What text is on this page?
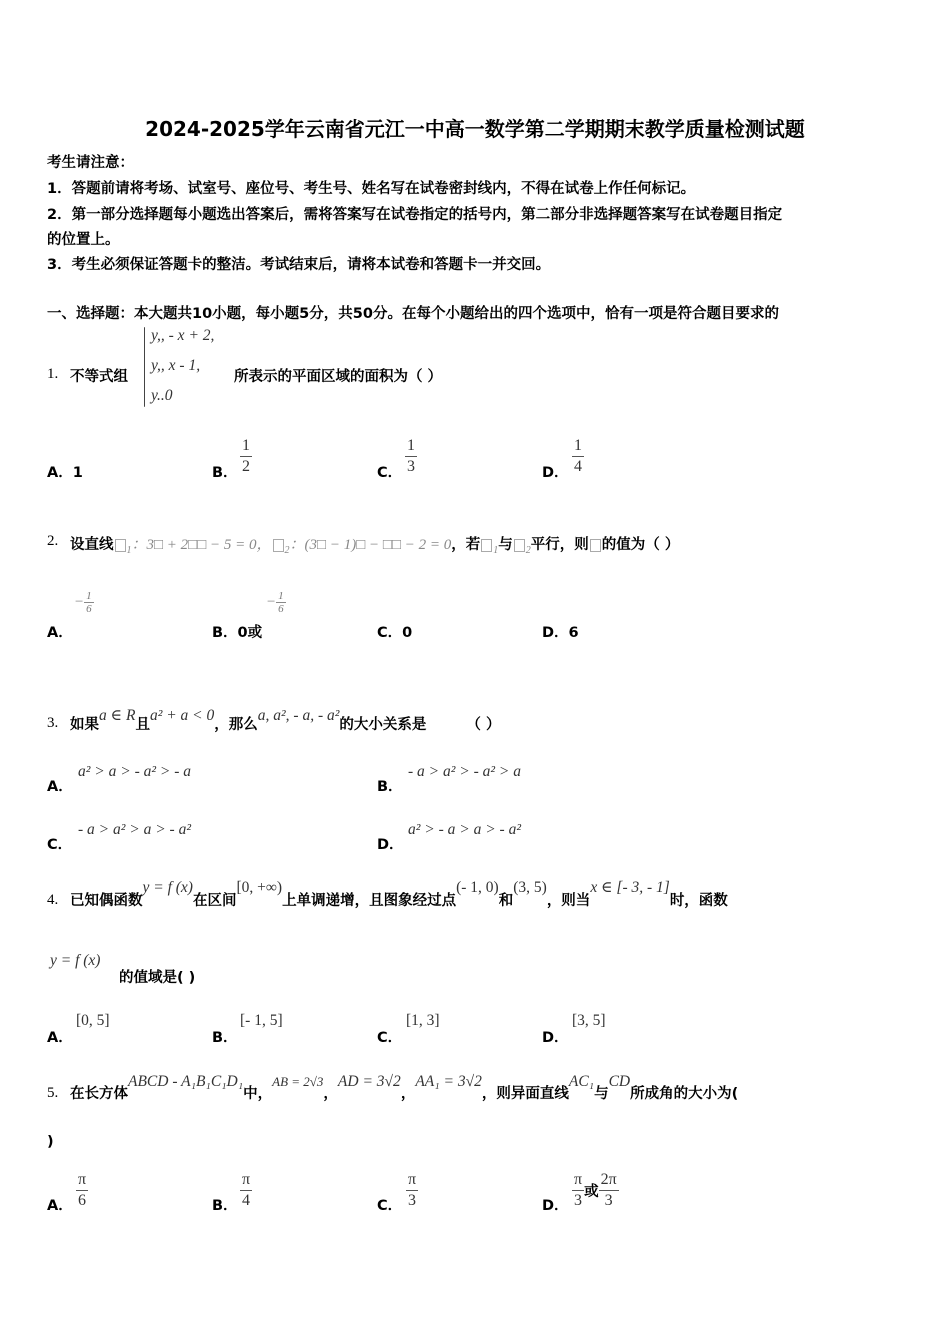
2024-2025学年云南省元江一中高一数学第二学期期末教学质量检测试题
考生请注意：
1．答题前请将考场、试室号、座位号、考生号、姓名写在试卷密封线内，不得在试卷上作任何标记。
2．第一部分选择题每小题选出答案后，需将答案写在试卷指定的括号内，第二部分非选择题答案写在试卷题目指定
的位置上。
3．考生必须保证答题卡的整洁。考试结束后，请将本试卷和答题卡一并交回。
一、选择题：本大题共10小题，每小题5分，共50分。在每个小题给出的四个选项中，恰有一项是符合题目要求的
1. 不等式组
y,, - x + 2,
y,, x - 1,
y..0
所表示的平面区域的面积为（ ）
A．1	B． $\frac{1}{2}$	C． $\frac{1}{3}$	D． $\frac{1}{4}$
2. 设直线 $_1$：3□ + 2□□ − 5 = 0， $_2$：(3□ − 1)□ − □□ − 2 = 0，若 $_1$与 $_2$平行，则 的值为（ ）
A．
− $\frac{1}{6}$
B．0或
− $\frac{1}{6}$
C．0	D．6
3. 如果a ∈ R且a² + a < 0，那么a, a², - a, - a²的大小关系是	（ ）
A．
a² > a > - a² > - a
B．
- a > a² > - a² > a
C．
- a > a² > a > - a²
D．
a² > - a > a > - a²
4. 已知偶函数y = f (x)在区间[0, +∞)上单调递增，且图象经过点(- 1, 0)和(3, 5)，则当x ∈ [- 3, - 1]时，函数
y = f (x)
的值域是( )
A．
[0, 5]
B．
[- 1, 5]
C．
[1, 3]
D．
[3, 5]
5. 在长方体ABCD - A₁B₁C₁D₁中，AB = 2√3，AD = 3√2，AA₁ = 3√2，则异面直线AC₁与CD所成角的大小为(
)
A． $\frac{\pi}{6}$	B． $\frac{\pi}{4}$	C． $\frac{\pi}{3}$	D． $\frac{\pi}{3}$ 或 $\frac{2\pi}{3}$
